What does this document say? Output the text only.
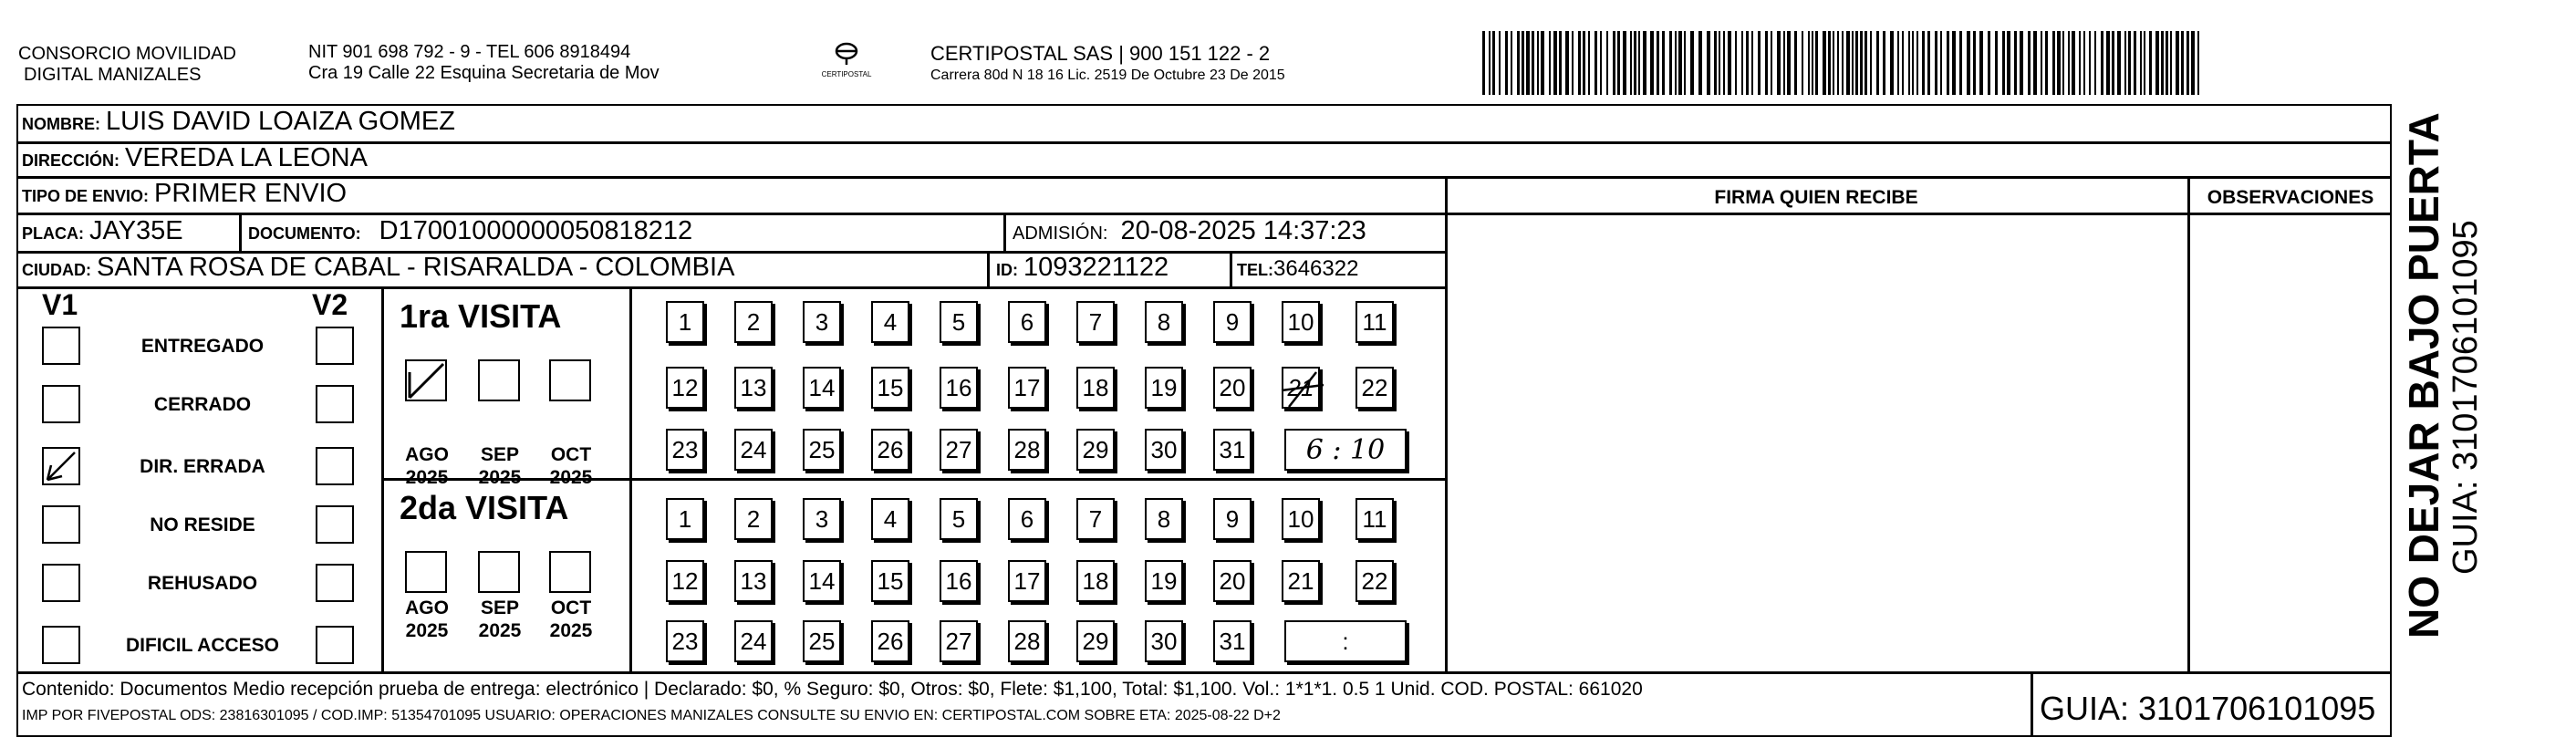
CONSORCIO MOVILIDAD
DIGITAL MANIZALES
NIT 901 698 792 - 9 - TEL 606 8918494
Cra 19 Calle 22 Esquina Secretaria de Mov	CERTIPOSTAL
CERTIPOSTAL SAS | 900 151 122 - 2
Carrera 80d N 18 16 Lic. 2519 De Octubre 23 De 2015
NOMBRE: LUIS DAVID LOAIZA GOMEZ
DIRECCIÓN: VEREDA LA LEONA
TIPO DE ENVIO: PRIMER ENVIO
PLACA: JAY35E	DOCUMENTO: D17001000000050818212	ADMISIÓN: 20-08-2025 14:37:23
CIUDAD: SANTA ROSA DE CABAL - RISARALDA - COLOMBIA	ID: 1093221122	TEL: 3646322
FIRMA QUIEN RECIBE	OBSERVACIONES
V1	V2
ENTREGADO
CERRADO
DIR. ERRADA
NO RESIDE
REHUSADO
DIFICIL ACCESO
1ra VISITA
2da VISITA
AGO
2025
SEP
2025
OCT
2025
AGO
2025
SEP
2025
OCT
2025
1	2	3	4	5	6	7	8	9	10 11
12 13 14 15 16 17 18 19 20 21 22
23 24 25 26 27 28 29 30 31 6 : 10
1	2	3	4	5	6	7	8	9	10 11
12 13 14 15 16 17 18 19 20 21 22
23 24 25 26 27 28 29 30 31	:
Contenido: Documentos Medio recepción prueba de entrega: electrónico | Declarado: $0, % Seguro: $0, Otros: $0, Flete: $1,100, Total: $1,100. Vol.: 1*1*1. 0.5 1 Unid. COD. POSTAL: 661020
IMP POR FIVEPOSTAL ODS: 23816301095 / COD.IMP: 51354701095 USUARIO: OPERACIONES MANIZALES CONSULTE SU ENVIO EN: CERTIPOSTAL.COM SOBRE ETA: 2025-08-22 D+2	GUIA: 3101706101095
NO DEJAR BAJO PUERTA GUIA: 3101706101095
